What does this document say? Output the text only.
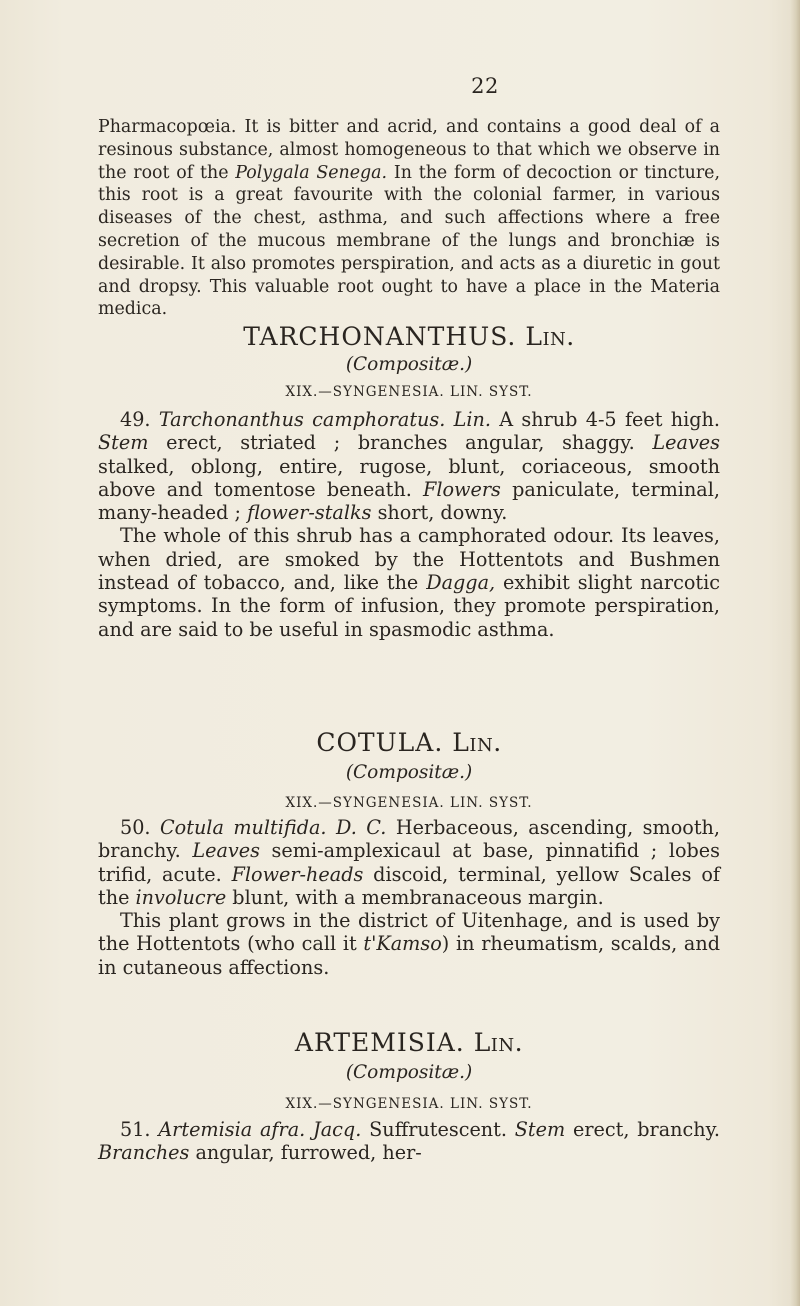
22

Pharmacopœia. It is bitter and acrid, and contains a good deal of a resinous substance, almost homogeneous to that which we observe in the root of the Polygala Senega. In the form of decoction or tincture, this root is a great favourite with the colonial farmer, in various diseases of the chest, asthma, and such affections where a free secretion of the mucous membrane of the lungs and bronchiæ is desirable. It also promotes perspiration, and acts as a diuretic in gout and dropsy. This valuable root ought to have a place in the Materia medica.

TARCHONANTHUS. Lin.
(Compositæ.)
XIX.—SYNGENESIA. LIN. SYST.

49. Tarchonanthus camphoratus. Lin. A shrub 4-5 feet high. Stem erect, striated ; branches angular, shaggy. Leaves stalked, oblong, entire, rugose, blunt, coriaceous, smooth above and tomentose beneath. Flowers paniculate, terminal, many-headed ; flower-stalks short, downy.

The whole of this shrub has a camphorated odour. Its leaves, when dried, are smoked by the Hottentots and Bushmen instead of tobacco, and, like the Dagga, exhibit slight narcotic symptoms. In the form of infusion, they promote perspiration, and are said to be useful in spasmodic asthma.

COTULA. Lin.
(Compositæ.)
XIX.—SYNGENESIA. LIN. SYST.

50. Cotula multifida. D. C. Herbaceous, ascending, smooth, branchy. Leaves semi-amplexicaul at base, pinnatifid ; lobes trifid, acute. Flower-heads discoid, terminal, yellow Scales of the involucre blunt, with a membranaceous margin.

This plant grows in the district of Uitenhage, and is used by the Hottentots (who call it t'Kamso) in rheumatism, scalds, and in cutaneous affections.

ARTEMISIA. Lin.
(Compositæ.)
XIX.—SYNGENESIA. LIN. SYST.

51. Artemisia afra. Jacq. Suffrutescent. Stem erect, branchy. Branches angular, furrowed, her-
